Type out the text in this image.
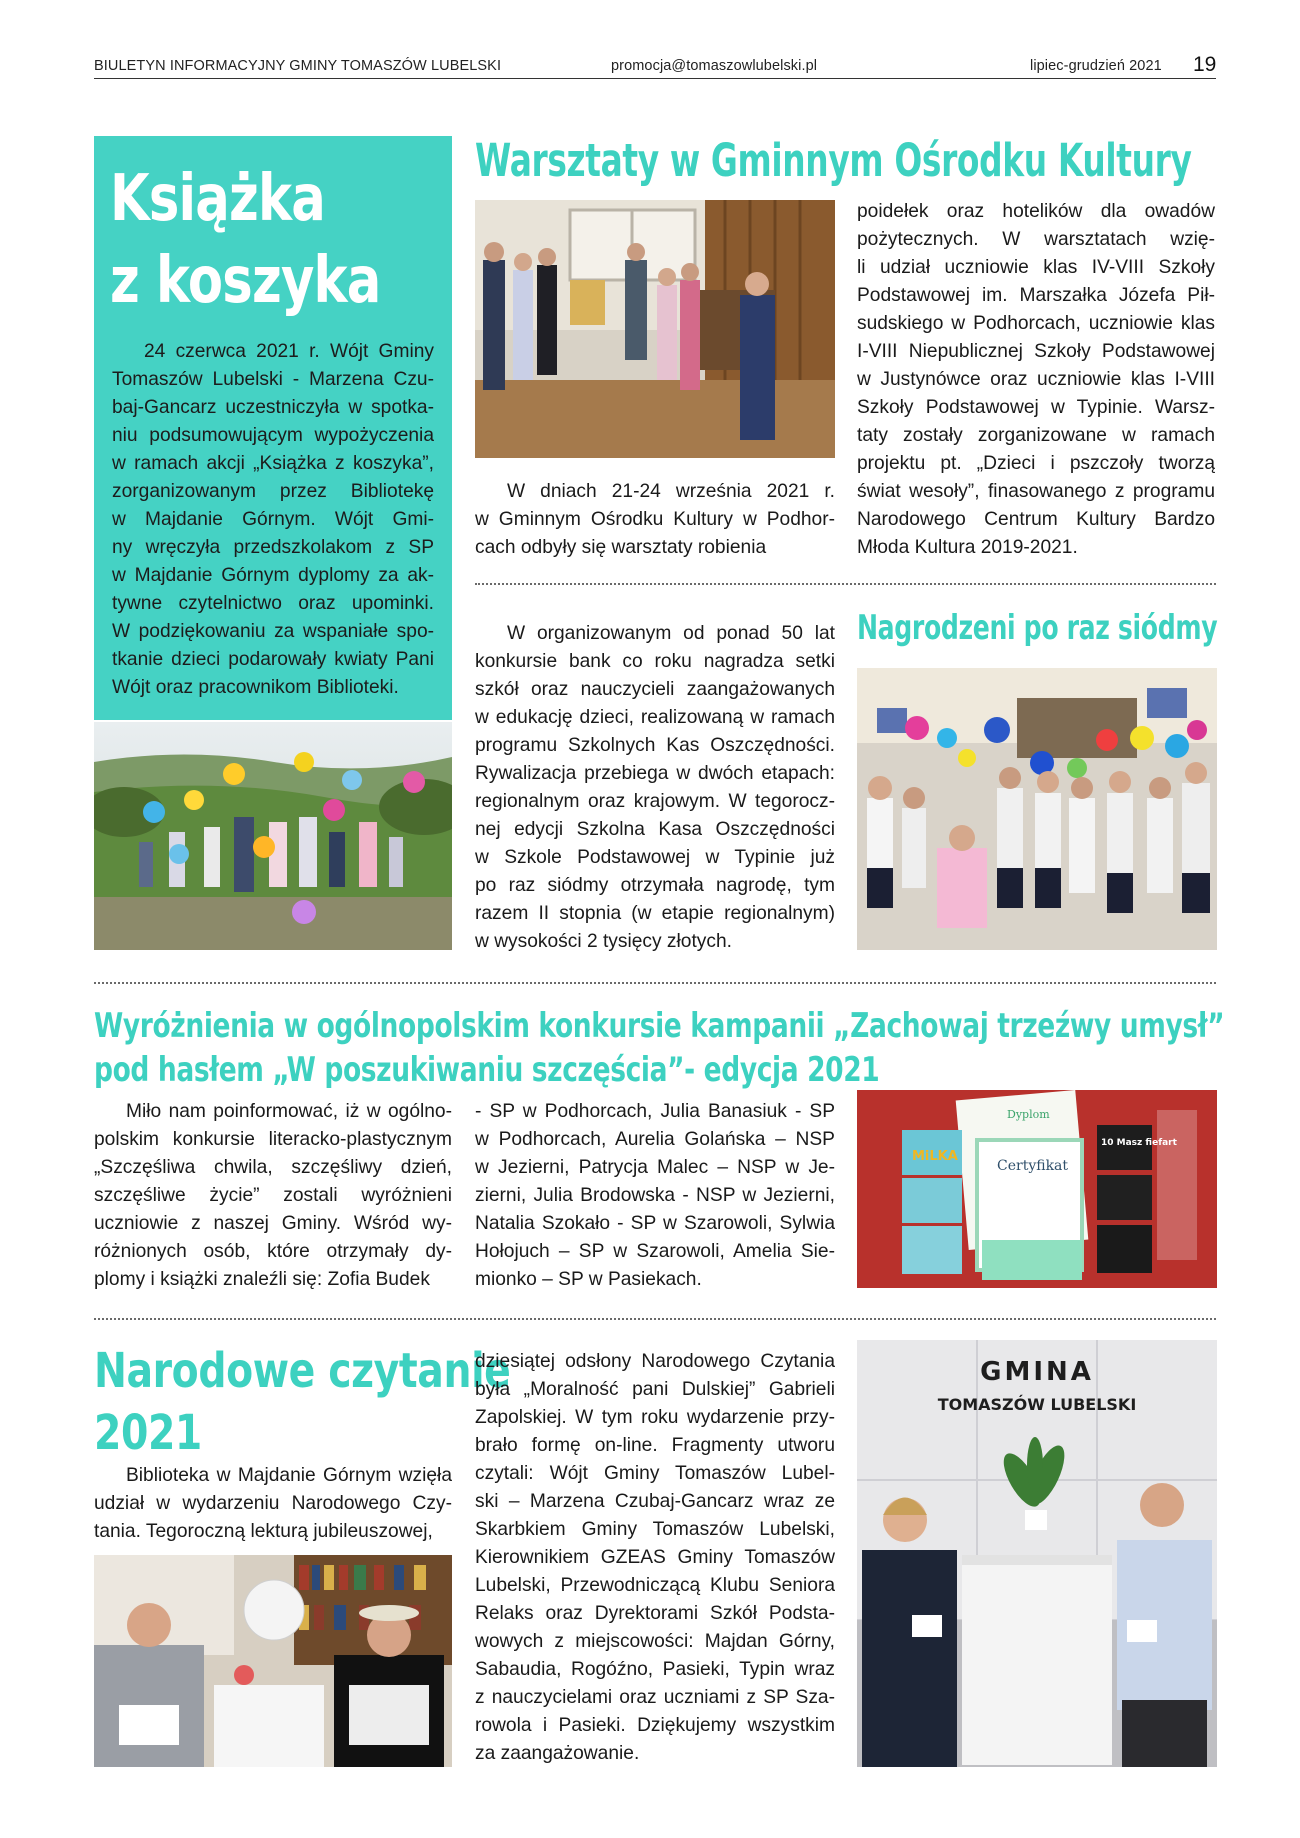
BIULETYN INFORMACYJNY GMINY TOMASZÓW LUBELSKI	promocja@tomaszowlubelski.pl	lipiec-grudzień 2021 19
Książka
z koszyka
24 czerwca 2021 r. Wójt Gminy
Tomaszów Lubelski - Marzena Czu-
baj-Gancarz uczestniczyła w spotka-
niu podsumowującym wypożyczenia
w ramach akcji „Książka z koszyka”,
zorganizowanym przez Bibliotekę
w Majdanie Górnym. Wójt Gmi-
ny wręczyła przedszkolakom z SP
w Majdanie Górnym dyplomy za ak-
tywne czytelnictwo oraz upominki.
W podziękowaniu za wspaniałe spo-
tkanie dzieci podarowały kwiaty Pani
Wójt oraz pracownikom Biblioteki.
Warsztaty w Gminnym Ośrodku Kultury
W dniach 21-24 września 2021 r.
w Gminnym Ośrodku Kultury w Podhor-
cach odbyły się warsztaty robienia
poidełek oraz hotelików dla owadów
pożytecznych. W warsztatach wzię-
li udział uczniowie klas IV-VIII Szkoły
Podstawowej im. Marszałka Józefa Pił-
sudskiego w Podhorcach, uczniowie klas
I-VIII Niepublicznej Szkoły Podstawowej
w Justynówce oraz uczniowie klas I-VIII
Szkoły Podstawowej w Typinie. Warsz-
taty zostały zorganizowane w ramach
projektu pt. „Dzieci i pszczoły tworzą
świat wesoły”, finasowanego z programu
Narodowego Centrum Kultury Bardzo
Młoda Kultura 2019-2021.
W organizowanym od ponad 50 lat
konkursie bank co roku nagradza setki
szkół oraz nauczycieli zaangażowanych
w edukację dzieci, realizowaną w ramach
programu Szkolnych Kas Oszczędności.
Rywalizacja przebiega w dwóch etapach:
regionalnym oraz krajowym. W tegorocz-
nej edycji Szkolna Kasa Oszczędności
w Szkole Podstawowej w Typinie już
po raz siódmy otrzymała nagrodę, tym
razem II stopnia (w etapie regionalnym)
w wysokości 2 tysięcy złotych.
Nagrodzeni po raz siódmy
Wyróżnienia w ogólnopolskim konkursie kampanii „Zachowaj trzeźwy umysł”
pod hasłem „W poszukiwaniu szczęścia”- edycja 2021
Miło nam poinformować, iż w ogólno-
polskim konkursie literacko-plastycznym
„Szczęśliwa chwila, szczęśliwy dzień,
szczęśliwe życie” zostali wyróżnieni
uczniowie z naszej Gminy. Wśród wy-
różnionych osób, które otrzymały dy-
plomy i książki znaleźli się: Zofia Budek
- SP w Podhorcach, Julia Banasiuk - SP
w Podhorcach, Aurelia Golańska – NSP
w Jezierni, Patrycja Malec – NSP w Je-
zierni, Julia Brodowska - NSP w Jezierni,
Natalia Szokało - SP w Szarowoli, Sylwia
Hołojuch – SP w Szarowoli, Amelia Sie-
mionko – SP w Pasiekach.
Dyplom
Certyfikat
MiLKA
10 Masz fiefart
Narodowe czytanie
2021
Biblioteka w Majdanie Górnym wzięła
udział w wydarzeniu Narodowego Czy-
tania. Tegoroczną lekturą jubileuszowej,
dziesiątej odsłony Narodowego Czytania
była „Moralność pani Dulskiej” Gabrieli
Zapolskiej. W tym roku wydarzenie przy-
brało formę on-line. Fragmenty utworu
czytali: Wójt Gminy Tomaszów Lubel-
ski – Marzena Czubaj-Gancarz wraz ze
Skarbkiem Gminy Tomaszów Lubelski,
Kierownikiem GZEAS Gminy Tomaszów
Lubelski, Przewodniczącą Klubu Seniora
Relaks oraz Dyrektorami Szkół Podsta-
wowych z miejscowości: Majdan Górny,
Sabaudia, Rogóźno, Pasieki, Typin wraz
z nauczycielami oraz uczniami z SP Sza-
rowola i Pasieki. Dziękujemy wszystkim
za zaangażowanie.
GMINA
TOMASZÓW LUBELSKI
